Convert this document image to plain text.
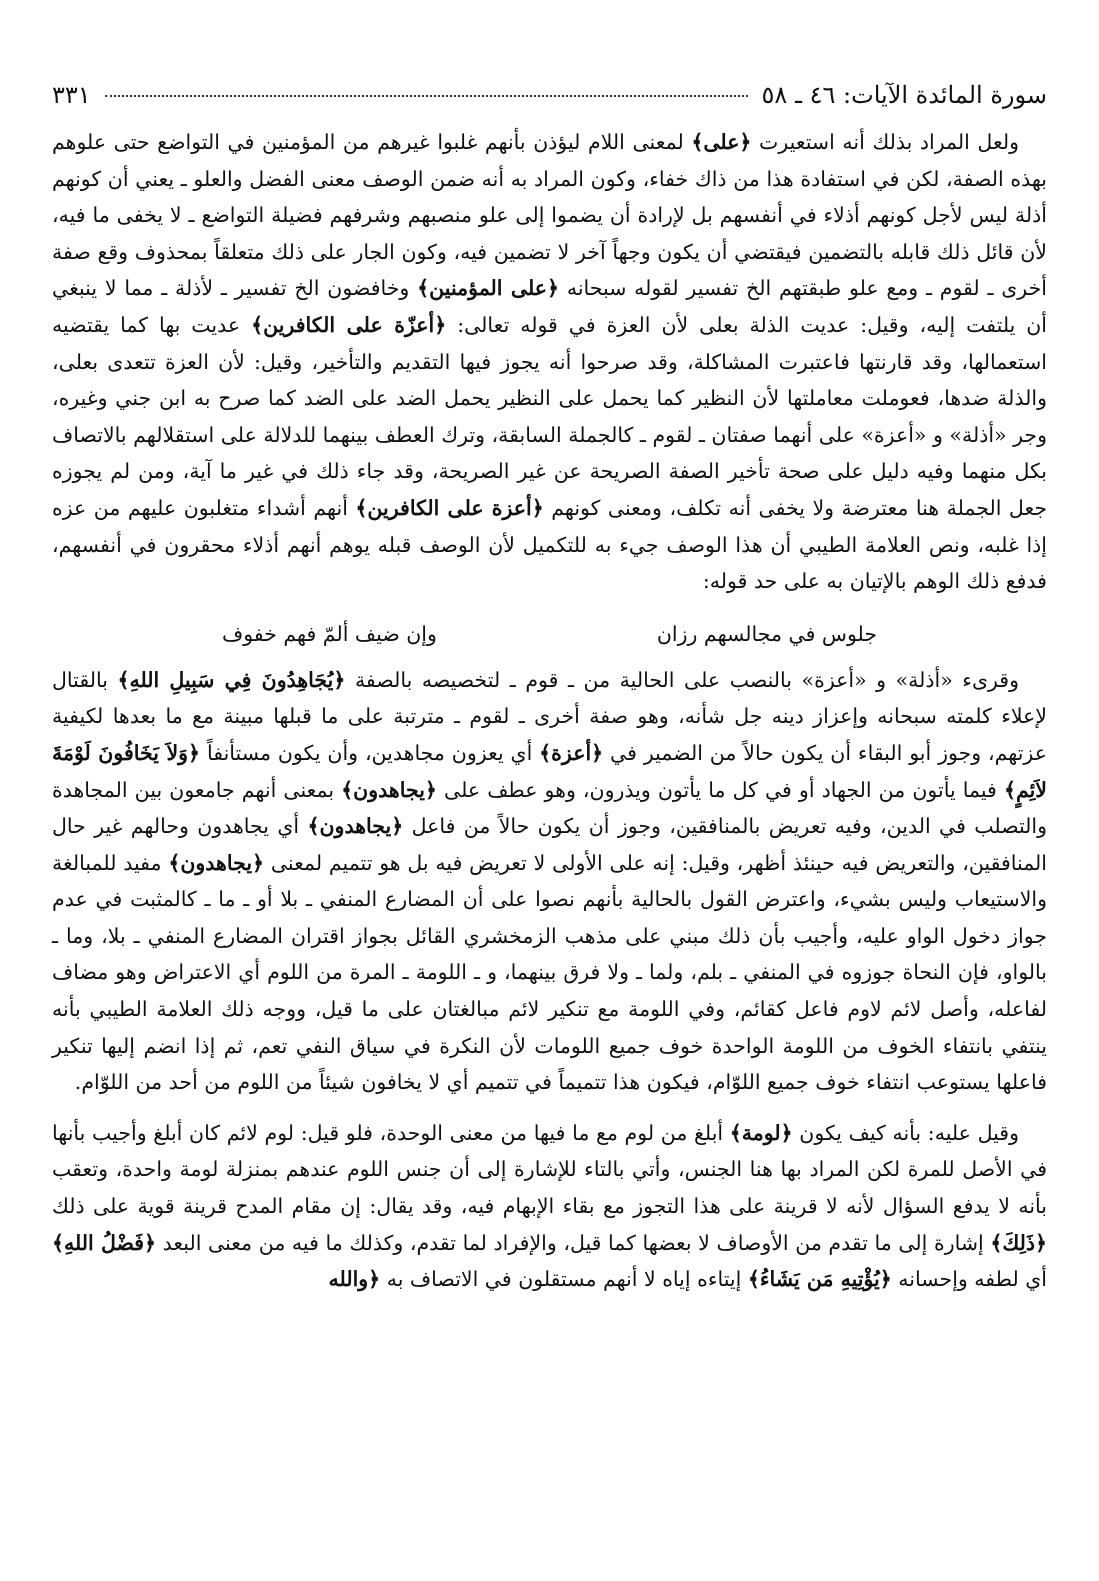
سورة المائدة الآيات: ٤٦ ـ ٥٨
٣٣١

ولعل المراد بذلك أنه استعيرت ﴿على﴾ لمعنى اللام ليؤذن بأنهم غلبوا غيرهم من المؤمنين في التواضع حتى علوهم بهذه الصفة، لكن في استفادة هذا من ذاك خفاء، وكون المراد به أنه ضمن الوصف معنى الفضل والعلو ـ يعني أن كونهم أذلة ليس لأجل كونهم أذلاء في أنفسهم بل لإرادة أن يضموا إلى علو منصبهم وشرفهم فضيلة التواضع ـ لا يخفى ما فيه، لأن قائل ذلك قابله بالتضمين فيقتضي أن يكون وجهاً آخر لا تضمين فيه، وكون الجار على ذلك متعلقاً بمحذوف وقع صفة أخرى ـ لقوم ـ ومع علو طبقتهم الخ تفسير لقوله سبحانه ﴿على المؤمنين﴾ وخافضون الخ تفسير ـ لأذلة ـ مما لا ينبغي أن يلتفت إليه، وقيل: عديت الذلة بعلى لأن العزة في قوله تعالى: ﴿أعزّة على الكافرين﴾ عديت بها كما يقتضيه استعمالها، وقد قارنتها فاعتبرت المشاكلة، وقد صرحوا أنه يجوز فيها التقديم والتأخير، وقيل: لأن العزة تتعدى بعلى، والذلة ضدها، فعوملت معاملتها لأن النظير كما يحمل على النظير يحمل الضد على الضد كما صرح به ابن جني وغيره، وجر «أذلة» و «أعزة» على أنهما صفتان ـ لقوم ـ كالجملة السابقة، وترك العطف بينهما للدلالة على استقلالهم بالاتصاف بكل منهما وفيه دليل على صحة تأخير الصفة الصريحة عن غير الصريحة، وقد جاء ذلك في غير ما آية، ومن لم يجوزه جعل الجملة هنا معترضة ولا يخفى أنه تكلف، ومعنى كونهم ﴿أعزة على الكافرين﴾ أنهم أشداء متغلبون عليهم من عزه إذا غلبه، ونص العلامة الطيبي أن هذا الوصف جيء به للتكميل لأن الوصف قبله يوهم أنهم أذلاء محقرون في أنفسهم، فدفع ذلك الوهم بالإتيان به على حد قوله:

جلوس في مجالسهم رزان
وإن ضيف ألمّ فهم خفوف

وقرىء «أذلة» و «أعزة» بالنصب على الحالية من ـ قوم ـ لتخصيصه بالصفة ﴿يُجَاهِدُونَ فِي سَبِيلِ اللهِ﴾ بالقتال لإعلاء كلمته سبحانه وإعزاز دينه جل شأنه، وهو صفة أخرى ـ لقوم ـ مترتبة على ما قبلها مبينة مع ما بعدها لكيفية عزتهم، وجوز أبو البقاء أن يكون حالاً من الضمير في ﴿أعزة﴾ أي يعزون مجاهدين، وأن يكون مستأنفاً ﴿وَلاَ يَخَافُونَ لَوْمَةَ لاَئِمٍ﴾ فيما يأتون من الجهاد أو في كل ما يأتون ويذرون، وهو عطف على ﴿يجاهدون﴾ بمعنى أنهم جامعون بين المجاهدة والتصلب في الدين، وفيه تعريض بالمنافقين، وجوز أن يكون حالاً من فاعل ﴿يجاهدون﴾ أي يجاهدون وحالهم غير حال المنافقين، والتعريض فيه حينئذ أظهر، وقيل: إنه على الأولى لا تعريض فيه بل هو تتميم لمعنى ﴿يجاهدون﴾ مفيد للمبالغة والاستيعاب وليس بشيء، واعترض القول بالحالية بأنهم نصوا على أن المضارع المنفي ـ بلا أو ـ ما ـ كالمثبت في عدم جواز دخول الواو عليه، وأجيب بأن ذلك مبني على مذهب الزمخشري القائل بجواز اقتران المضارع المنفي ـ بلا، وما ـ بالواو، فإن النحاة جوزوه في المنفي ـ بلم، ولما ـ ولا فرق بينهما، و ـ اللومة ـ المرة من اللوم أي الاعتراض وهو مضاف لفاعله، وأصل لائم لاوم فاعل كقائم، وفي اللومة مع تنكير لائم مبالغتان على ما قيل، ووجه ذلك العلامة الطيبي بأنه ينتفي بانتفاء الخوف من اللومة الواحدة خوف جميع اللومات لأن النكرة في سياق النفي تعم، ثم إذا انضم إليها تنكير فاعلها يستوعب انتفاء خوف جميع اللوّام، فيكون هذا تتميماً في تتميم أي لا يخافون شيئاً من اللوم من أحد من اللوّام.

وقيل عليه: بأنه كيف يكون ﴿لومة﴾ أبلغ من لوم مع ما فيها من معنى الوحدة، فلو قيل: لوم لائم كان أبلغ وأجيب بأنها في الأصل للمرة لكن المراد بها هنا الجنس، وأتي بالتاء للإشارة إلى أن جنس اللوم عندهم بمنزلة لومة واحدة، وتعقب بأنه لا يدفع السؤال لأنه لا قرينة على هذا التجوز مع بقاء الإبهام فيه، وقد يقال: إن مقام المدح قرينة قوية على ذلك ﴿ذَلِكَ﴾ إشارة إلى ما تقدم من الأوصاف لا بعضها كما قيل، والإفراد لما تقدم، وكذلك ما فيه من معنى البعد ﴿فَضْلُ اللهِ﴾ أي لطفه وإحسانه ﴿يُؤْتِيهِ مَن يَشَاءُ﴾ إيتاءه إياه لا أنهم مستقلون في الاتصاف به ﴿والله
